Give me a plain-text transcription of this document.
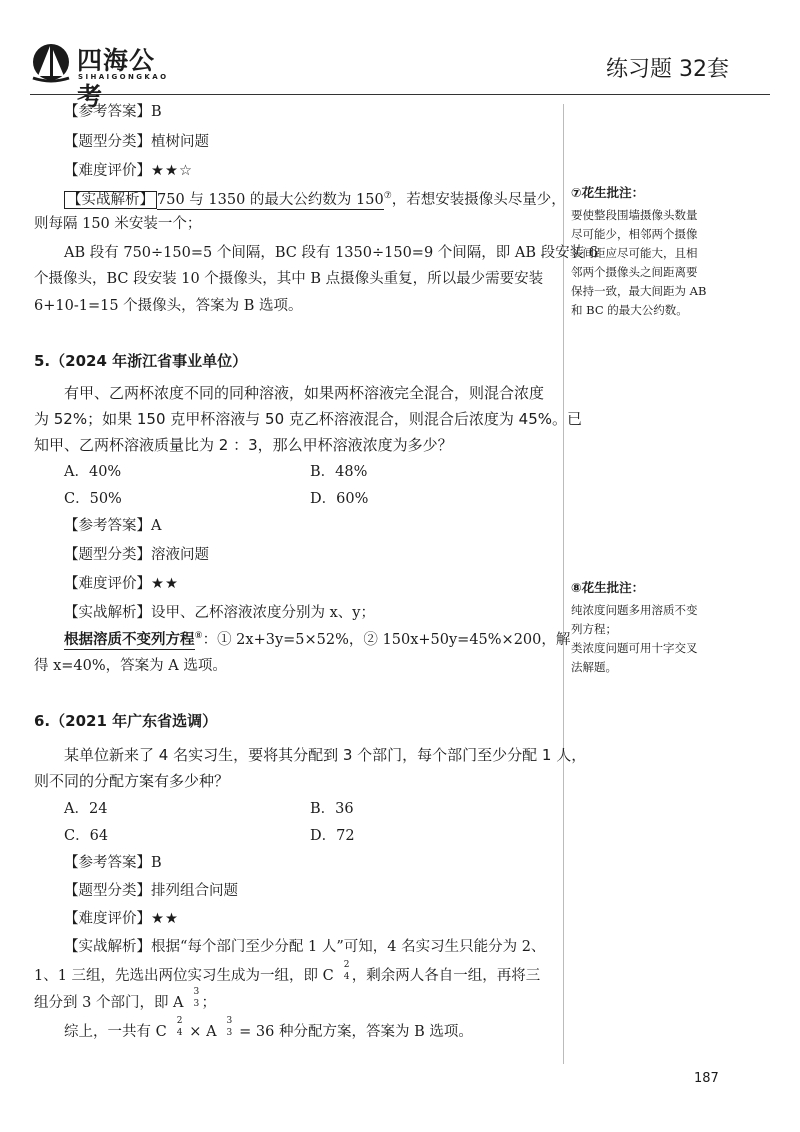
四海公考
SIHAIGONGKAO	练习题 32套
【参考答案】B
【题型分类】植树问题
【难度评价】★★☆
【实战解析】 750 与 1350 的最大公约数为 150⑦，若想安装摄像头尽量少，
则每隔 150 米安装一个；
AB 段有 750÷150=5 个间隔，BC 段有 1350÷150=9 个间隔，即 AB 段安装 6
个摄像头，BC 段安装 10 个摄像头，其中 B 点摄像头重复，所以最少需要安装
6+10-1=15 个摄像头，答案为 B 选项。
5.（2024 年浙江省事业单位）
有甲、乙两杯浓度不同的同种溶液，如果两杯溶液完全混合，则混合浓度
为 52%；如果 150 克甲杯溶液与 50 克乙杯溶液混合，则混合后浓度为 45%。已
知甲、乙两杯溶液质量比为 2 ：3，那么甲杯溶液浓度为多少？
A．40%	B．48%
C．50%	D．60%
【参考答案】A
【题型分类】溶液问题
【难度评价】★★
【实战解析】设甲、乙杯溶液浓度分别为 x、y；
根据溶质不变列方程⑧：① 2x+3y=5×52%，② 150x+50y=45%×200，解
得 x=40%，答案为 A 选项。
6.（2021 年广东省选调）
某单位新来了 4 名实习生，要将其分配到 3 个部门，每个部门至少分配 1 人，
则不同的分配方案有多少种？
A．24	B．36
C．64	D．72
【参考答案】B
【题型分类】排列组合问题
【难度评价】★★
【实战解析】根据“每个部门至少分配 1 人”可知，4 名实习生只能分为 2、
1、1 三组，先选出两位实习生成为一组，即 C
2
4 ，剩余两人各自一组，再将三
组分到 3 个部门，即 A
3
3 ；
综上，一共有 C
2
4 × A
3
3 = 36 种分配方案，答案为 B 选项。
⑦花生批注：
要使整段围墙摄像头数量
尽可能少，相邻两个摄像
头间距应尽可能大，且相
邻两个摄像头之间距离要
保持一致，最大间距为 AB
和 BC 的最大公约数。
⑧花生批注：
纯浓度问题多用溶质不变
列方程；
类浓度问题可用十字交叉
法解题。
187
